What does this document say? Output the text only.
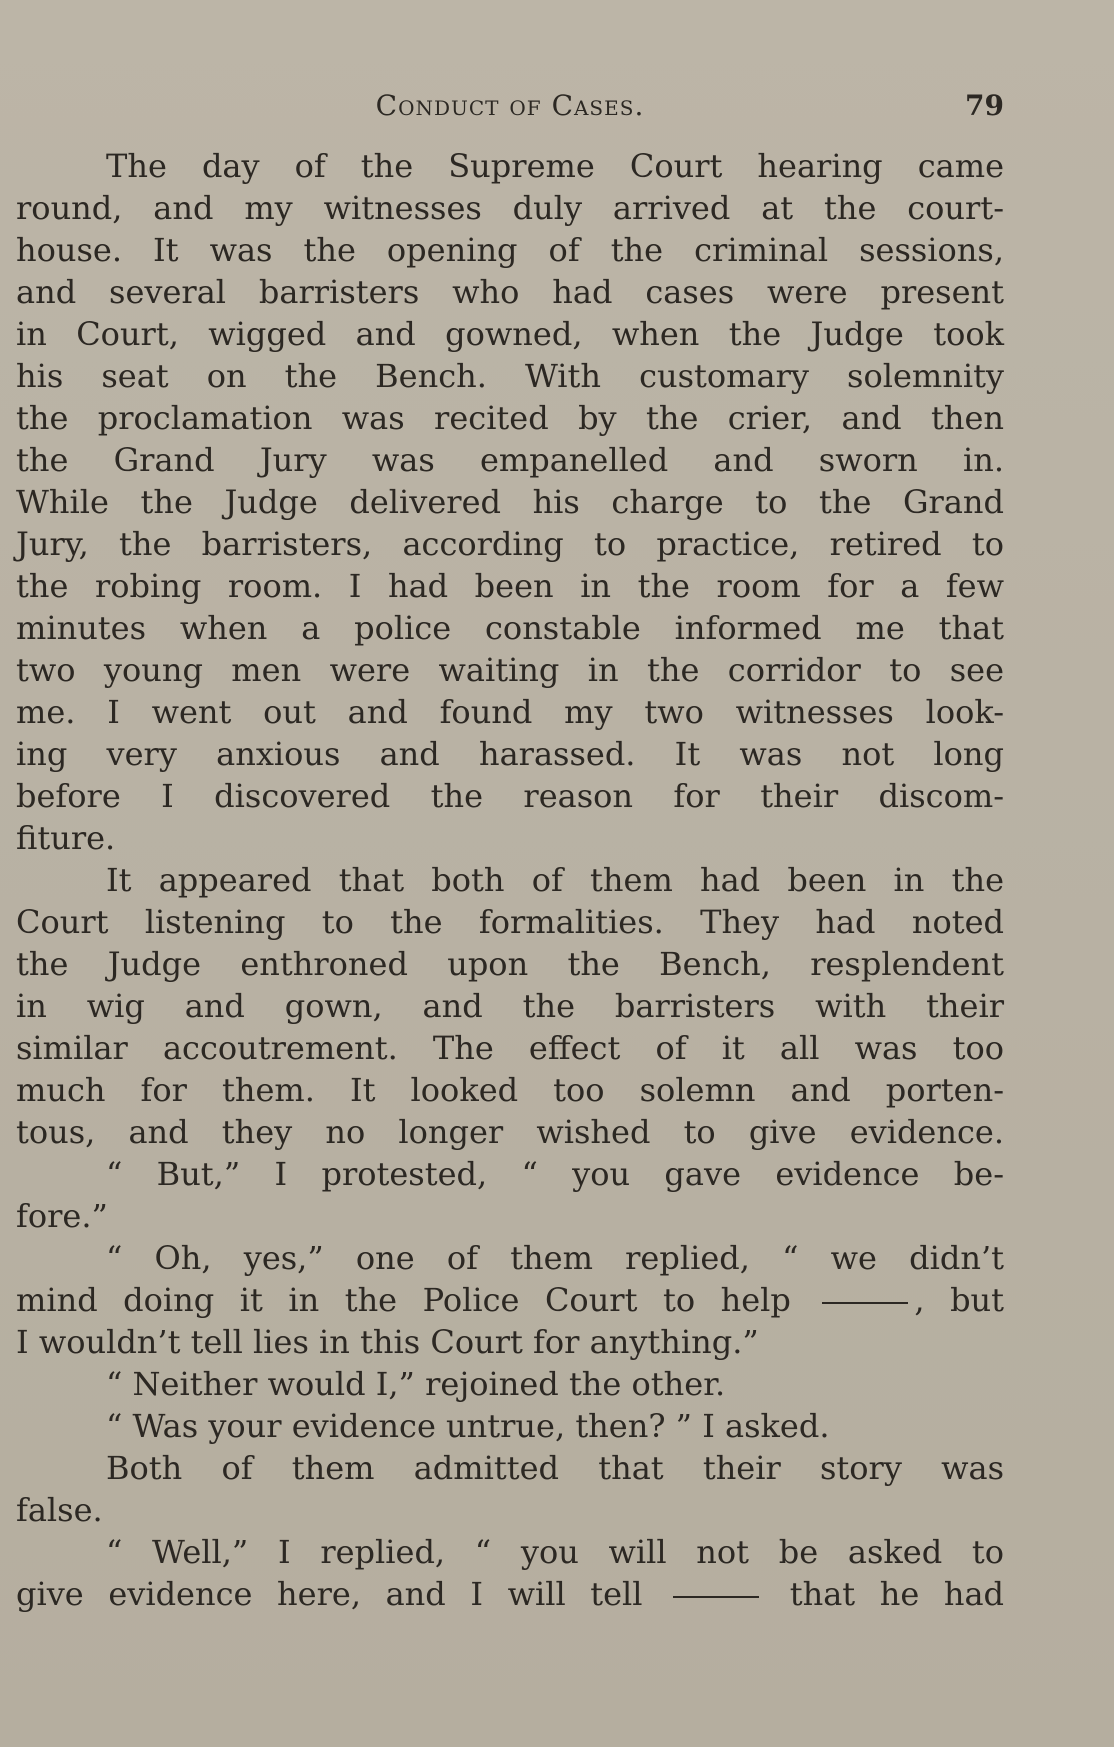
Conduct of Cases.	79

The day of the Supreme Court hearing came
round, and my witnesses duly arrived at the court-
house. It was the opening of the criminal sessions,
and several barristers who had cases were present
in Court, wigged and gowned, when the Judge took
his seat on the Bench. With customary solemnity
the proclamation was recited by the crier, and then
the Grand Jury was empanelled and sworn in.
While the Judge delivered his charge to the Grand
Jury, the barristers, according to practice, retired to
the robing room. I had been in the room for a few
minutes when a police constable informed me that
two young men were waiting in the corridor to see
me. I went out and found my two witnesses look-
ing very anxious and harassed. It was not long
before I discovered the reason for their discom-
fiture.

It appeared that both of them had been in the
Court listening to the formalities. They had noted
the Judge enthroned upon the Bench, resplendent
in wig and gown, and the barristers with their
similar accoutrement. The effect of it all was too
much for them. It looked too solemn and porten-
tous, and they no longer wished to give evidence.

“ But,” I protested, “ you gave evidence be-
fore.”

“ Oh, yes,” one of them replied, “ we didn’t
mind doing it in the Police Court to help	, but
I wouldn’t tell lies in this Court for anything.”

“ Neither would I,” rejoined the other.

“ Was your evidence untrue, then? ” I asked.

Both of them admitted that their story was
false.

“ Well,” I replied, “ you will not be asked to
give evidence here, and I will tell	that he had
